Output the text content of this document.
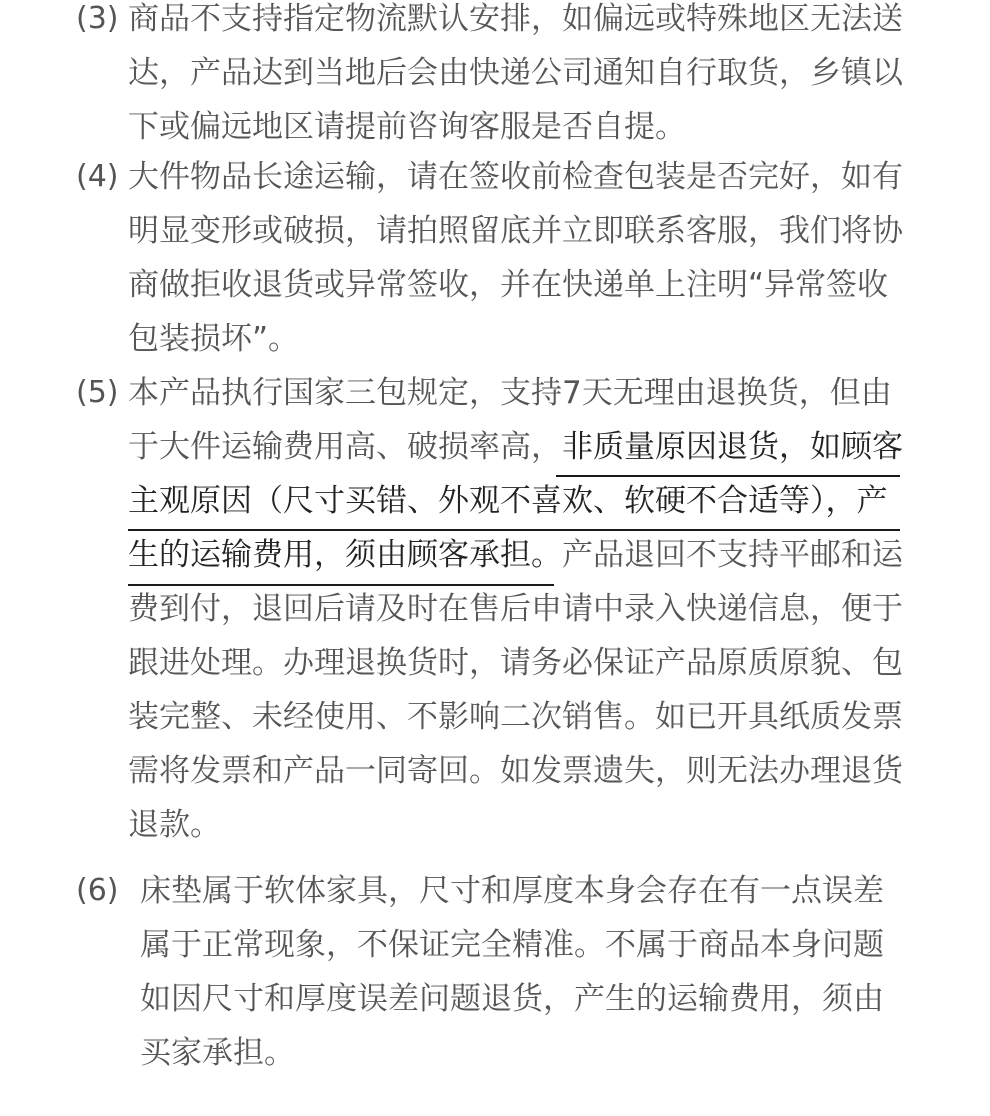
(3) 商品不支持指定物流默认安排，如偏远或特殊地区无法送
达，产品达到当地后会由快递公司通知自行取货，乡镇以
下或偏远地区请提前咨询客服是否自提。
(4) 大件物品长途运输，请在签收前检查包装是否完好，如有
明显变形或破损，请拍照留底并立即联系客服，我们将协
商做拒收退货或异常签收，并在快递单上注明“异常签收
包装损坏”。
(5) 本产品执行国家三包规定，支持7天无理由退换货，但由
于大件运输费用高、破损率高， 非质量原因退货，如顾客
主观原因（尺寸买错、外观不喜欢、软硬不合适等），产
生的运输费用，须由顾客承担。 产品退回不支持平邮和运
费到付，退回后请及时在售后申请中录入快递信息，便于
跟进处理。办理退换货时，请务必保证产品原质原貌、包
装完整、未经使用、不影响二次销售。如已开具纸质发票
需将发票和产品一同寄回。如发票遗失，则无法办理退货
退款。
(6) 床垫属于软体家具，尺寸和厚度本身会存在有一点误差
属于正常现象，不保证完全精准。不属于商品本身问题
如因尺寸和厚度误差问题退货，产生的运输费用，须由
买家承担。
